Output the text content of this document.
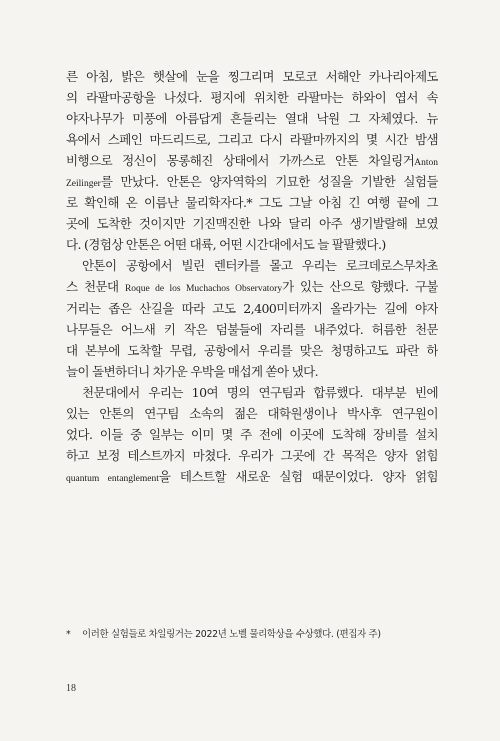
른 아침, 밝은 햇살에 눈을 찡그리며 모로코 서해안 카나리아제도
의 라팔마공항을 나섰다. 평지에 위치한 라팔마는 하와이 엽서 속
야자나무가 미풍에 아름답게 흔들리는 열대 낙원 그 자체였다. 뉴
욕에서 스페인 마드리드로, 그리고 다시 라팔마까지의 몇 시간 밤샘
비행으로 정신이 몽롱해진 상태에서 가까스로 안톤 차일링거Anton
Zeilinger를 만났다. 안톤은 양자역학의 기묘한 성질을 기발한 실험들
로 확인해 온 이름난 물리학자다.* 그도 그날 아침 긴 여행 끝에 그
곳에 도착한 것이지만 기진맥진한 나와 달리 아주 생기발랄해 보였
다. (경험상 안톤은 어떤 대륙, 어떤 시간대에서도 늘 팔팔했다.)
안톤이 공항에서 빌린 렌터카를 몰고 우리는 로크데로스무차초
스 천문대 Roque de los Muchachos Observatory가 있는 산으로 향했다. 구불
거리는 좁은 산길을 따라 고도 2,400미터까지 올라가는 길에 야자
나무들은 어느새 키 작은 덤불들에 자리를 내주었다. 허름한 천문
대 본부에 도착할 무렵, 공항에서 우리를 맞은 청명하고도 파란 하
늘이 돌변하더니 차가운 우박을 매섭게 쏟아 냈다.
천문대에서 우리는 10여 명의 연구팀과 합류했다. 대부분 빈에
있는 안톤의 연구팀 소속의 젊은 대학원생이나 박사후 연구원이
었다. 이들 중 일부는 이미 몇 주 전에 이곳에 도착해 장비를 설치
하고 보정 테스트까지 마쳤다. 우리가 그곳에 간 목적은 양자 얽힘
quantum entanglement을 테스트할 새로운 실험 때문이었다. 양자 얽힘
* 이러한 실험들로 차일링거는 2022년 노벨 물리학상을 수상했다. (편집자 주)
18
